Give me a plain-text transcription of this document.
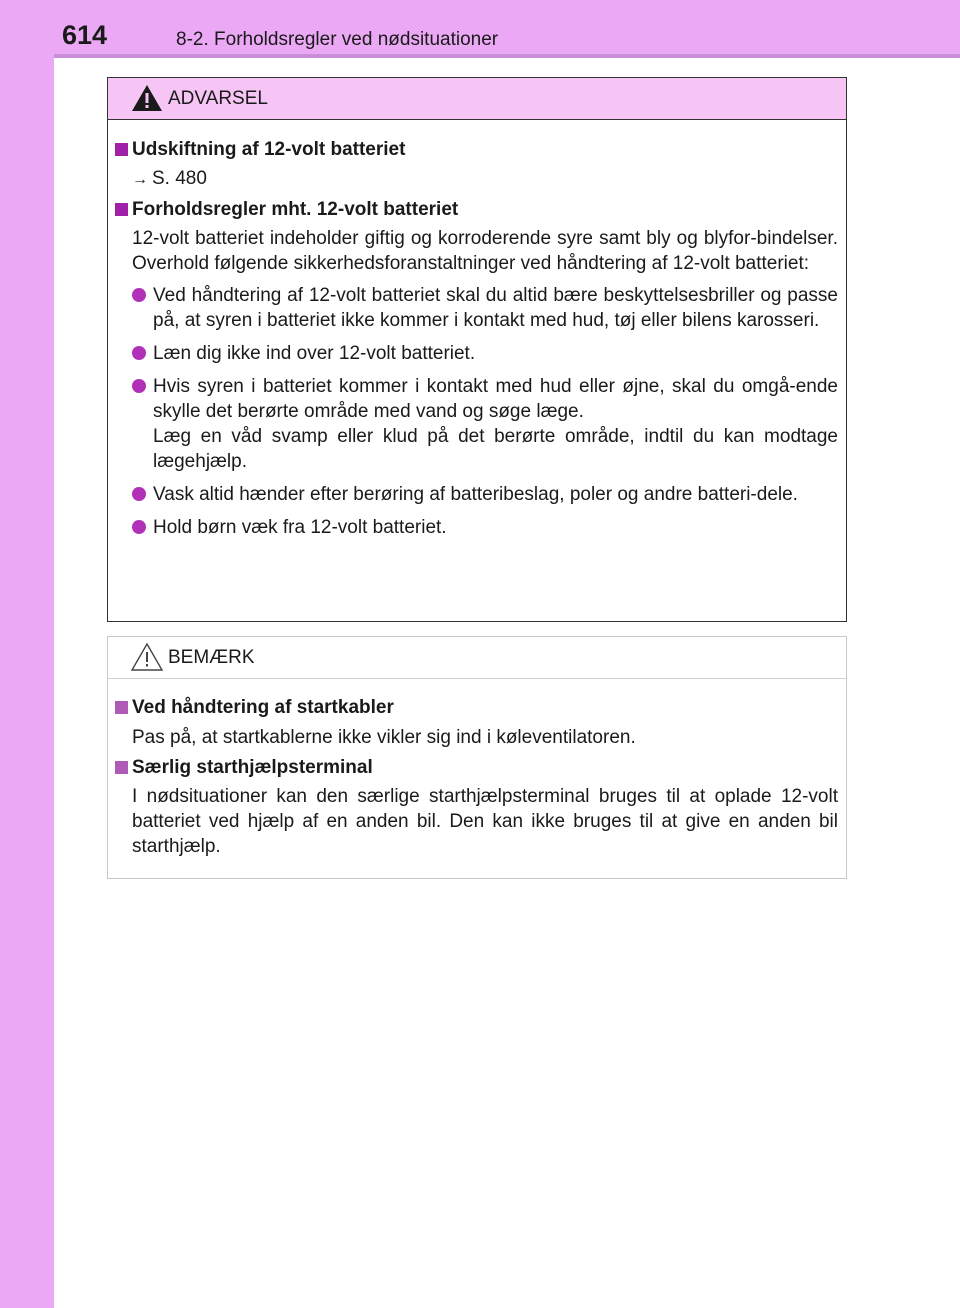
614	8-2. Forholdsregler ved nødsituationer
ADVARSEL
Udskiftning af 12-volt batteriet
→ S. 480
Forholdsregler mht. 12-volt batteriet
12-volt batteriet indeholder giftig og korroderende syre samt bly og blyfor-bindelser. Overhold følgende sikkerhedsforanstaltninger ved håndtering af 12-volt batteriet:
Ved håndtering af 12-volt batteriet skal du altid bære beskyttelsesbriller og passe på, at syren i batteriet ikke kommer i kontakt med hud, tøj eller bilens karosseri.
Læn dig ikke ind over 12-volt batteriet.
Hvis syren i batteriet kommer i kontakt med hud eller øjne, skal du omgå-ende skylle det berørte område med vand og søge læge.
Læg en våd svamp eller klud på det berørte område, indtil du kan modtage lægehjælp.
Vask altid hænder efter berøring af batteribeslag, poler og andre batteri-dele.
Hold børn væk fra 12-volt batteriet.
BEMÆRK
Ved håndtering af startkabler
Pas på, at startkablerne ikke vikler sig ind i køleventilatoren.
Særlig starthjælpsterminal
I nødsituationer kan den særlige starthjælpsterminal bruges til at oplade 12-volt batteriet ved hjælp af en anden bil. Den kan ikke bruges til at give en anden bil starthjælp.
